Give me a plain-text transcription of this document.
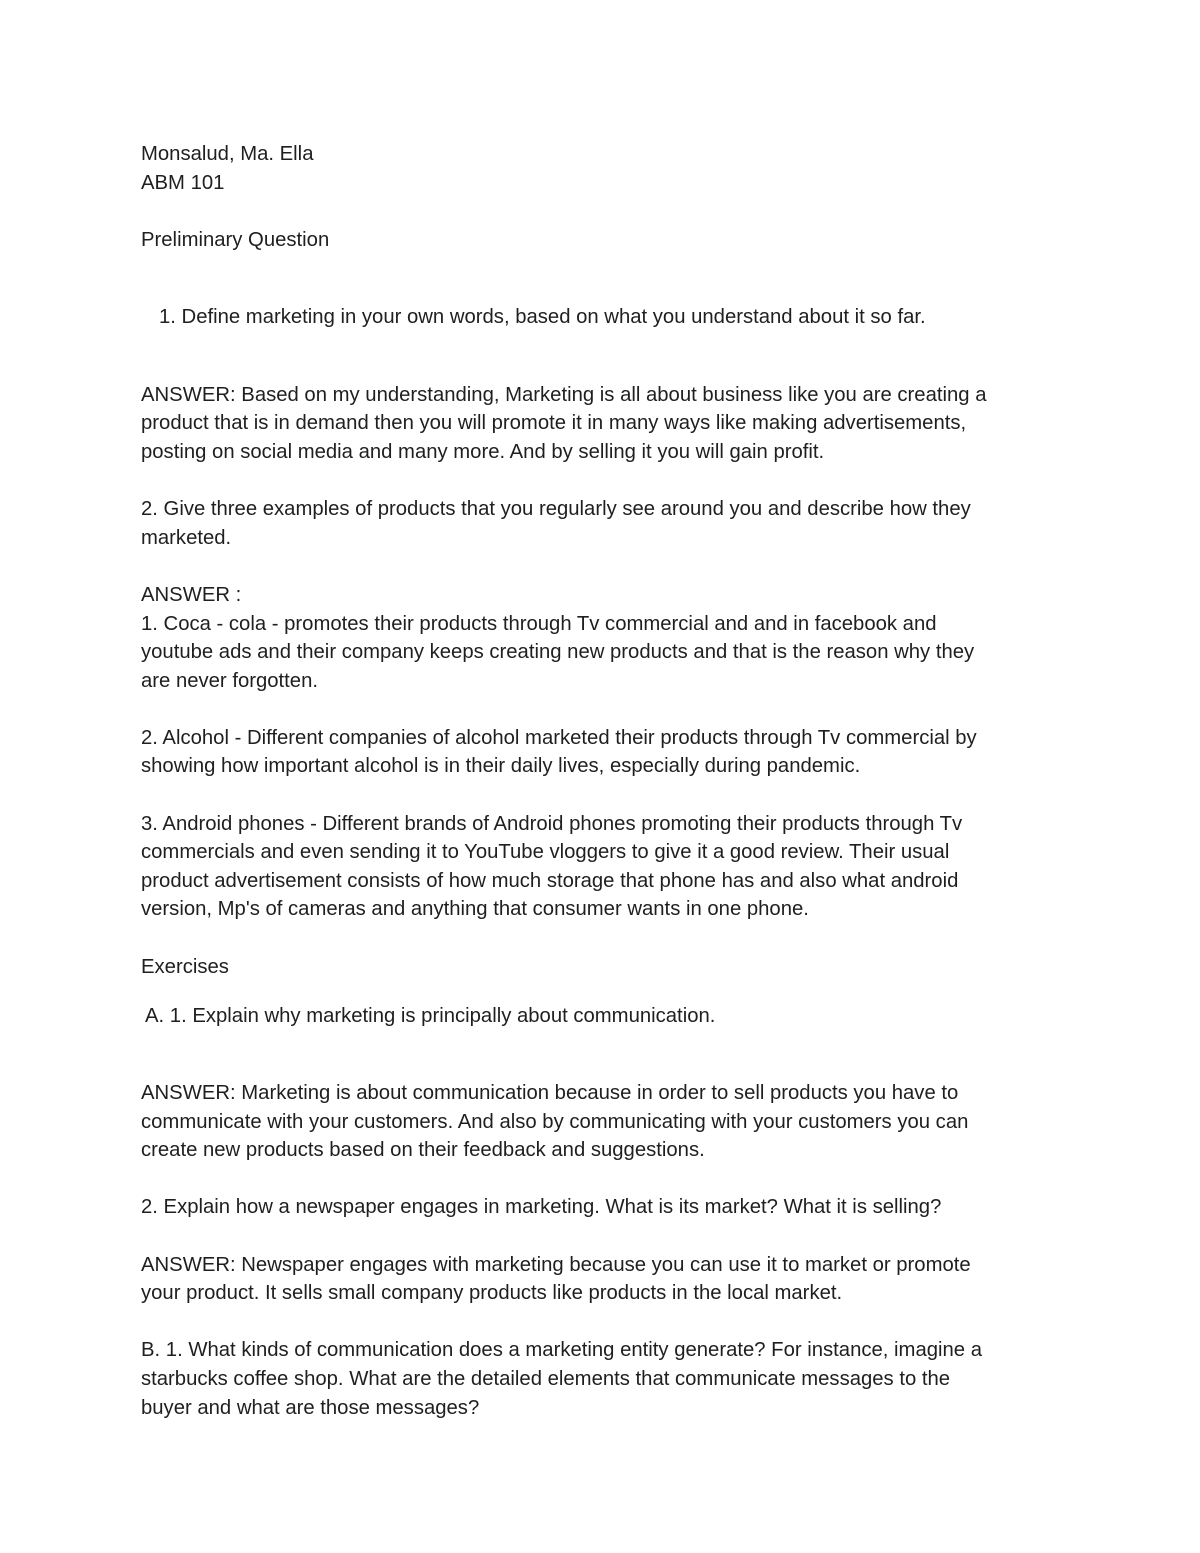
Monsalud, Ma. Ella

ABM 101

Preliminary Question

1. Define marketing in your own words, based on what you understand about it so far.

ANSWER: Based on my understanding, Marketing is all about business like you are creating a

product that is in demand then you will promote it in many ways like making advertisements,

posting on social media and many more. And by selling it you will gain profit.

2. Give three examples of products that you regularly see around you and describe how they

marketed.

ANSWER :

1. Coca - cola - promotes their products through Tv commercial and and in facebook and

youtube ads and their company keeps creating new products and that is the reason why they

are never forgotten.

2. Alcohol - Different companies of alcohol marketed their products through Tv commercial by

showing how important alcohol is in their daily lives, especially during pandemic.

3. Android phones - Different brands of Android phones promoting their products through Tv

commercials and even sending it to YouTube vloggers to give it a good review. Their usual

product advertisement consists of how much storage that phone has and also what android

version, Mp's of cameras and anything that consumer wants in one phone.

Exercises

A. 1. Explain why marketing is principally about communication.

ANSWER: Marketing is about communication because in order to sell products you have to

communicate with your customers. And also by communicating with your customers you can

create new products based on their feedback and suggestions.

2. Explain how a newspaper engages in marketing. What is its market? What it is selling?

ANSWER: Newspaper engages with marketing because you can use it to market or promote

your product. It sells small company products like products in the local market.

B. 1. What kinds of communication does a marketing entity generate? For instance, imagine a

starbucks coffee shop. What are the detailed elements that communicate messages to the

buyer and what are those messages?
